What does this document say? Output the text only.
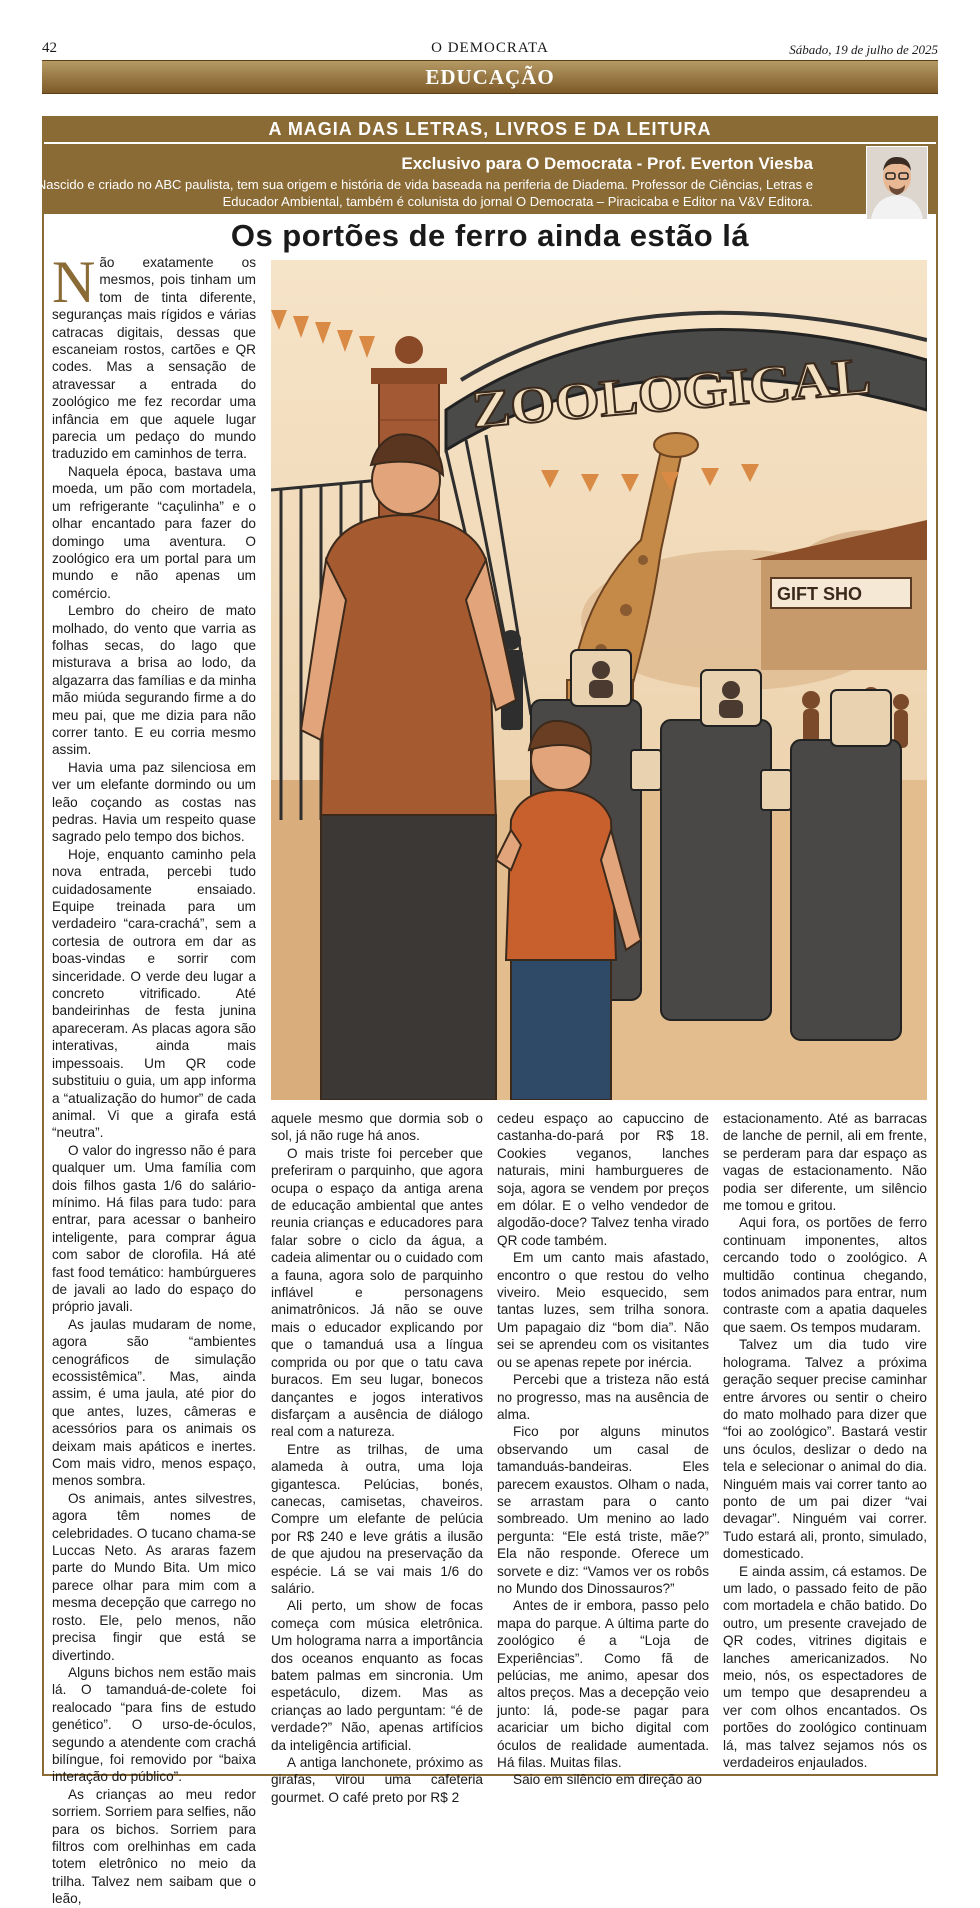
42	O DEMOCRATA	Sábado, 19 de julho de 2025
EDUCAÇÃO
A MAGIA DAS LETRAS, LIVROS E DA LEITURA
Exclusivo para O Democrata - Prof. Everton Viesba
Nascido e criado no ABC paulista, tem sua origem e história de vida baseada na periferia de Diadema. Professor de Ciências, Letras e Educador Ambiental, também é colunista do jornal O Democrata – Piracicaba e Editor na V&V Editora.
Os portões de ferro ainda estão lá
GIFT SHO
ZOOLOGICAL

Não exatamente os mesmos, pois tinham um tom de tinta diferente, seguranças mais rígidos e várias catracas digitais, dessas que escaneiam rostos, cartões e QR codes. Mas a sensação de atravessar a entrada do zoológico me fez recordar uma infância em que aquele lugar parecia um pedaço do mundo traduzido em caminhos de terra.

Naquela época, bastava uma moeda, um pão com mortadela, um refrigerante “caçulinha” e o olhar encantado para fazer do domingo uma aventura. O zoológico era um portal para um mundo e não apenas um comércio.

Lembro do cheiro de mato molhado, do vento que varria as folhas secas, do lago que misturava a brisa ao lodo, da algazarra das famílias e da minha mão miúda segurando firme a do meu pai, que me dizia para não correr tanto. E eu corria mesmo assim.

Havia uma paz silenciosa em ver um elefante dormindo ou um leão coçando as costas nas pedras. Havia um respeito quase sagrado pelo tempo dos bichos.

Hoje, enquanto caminho pela nova entrada, percebi tudo cuidadosamente ensaiado. Equipe treinada para um verdadeiro “cara-crachá”, sem a cortesia de outrora em dar as boas-vindas e sorrir com sinceridade. O verde deu lugar a concreto vitrificado. Até bandeirinhas de festa junina apareceram. As placas agora são interativas, ainda mais impessoais. Um QR code substituiu o guia, um app informa a “atualização do humor” de cada animal. Vi que a girafa está “neutra”.

O valor do ingresso não é para qualquer um. Uma família com dois filhos gasta 1/6 do salário-mínimo. Há filas para tudo: para entrar, para acessar o banheiro inteligente, para comprar água com sabor de clorofila. Há até fast food temático: hambúrgueres de javali ao lado do espaço do próprio javali.

As jaulas mudaram de nome, agora são “ambientes cenográficos de simulação ecossistêmica”. Mas, ainda assim, é uma jaula, até pior do que antes, luzes, câmeras e acessórios para os animais os deixam mais apáticos e inertes. Com mais vidro, menos espaço, menos sombra.

Os animais, antes silvestres, agora têm nomes de celebridades. O tucano chama-se Luccas Neto. As araras fazem parte do Mundo Bita. Um mico parece olhar para mim com a mesma decepção que carrego no rosto. Ele, pelo menos, não precisa fingir que está se divertindo.

Alguns bichos nem estão mais lá. O tamanduá-de-colete foi realocado “para fins de estudo genético”. O urso-de-óculos, segundo a atendente com crachá bilíngue, foi removido por “baixa interação do público”.

As crianças ao meu redor sorriem. Sorriem para selfies, não para os bichos. Sorriem para filtros com orelhinhas em cada totem eletrônico no meio da trilha. Talvez nem saibam que o leão,

aquele mesmo que dormia sob o sol, já não ruge há anos.

O mais triste foi perceber que preferiram o parquinho, que agora ocupa o espaço da antiga arena de educação ambiental que antes reunia crianças e educadores para falar sobre o ciclo da água, a cadeia alimentar ou o cuidado com a fauna, agora solo de parquinho inflável e personagens animatrônicos. Já não se ouve mais o educador explicando por que o tamanduá usa a língua comprida ou por que o tatu cava buracos. Em seu lugar, bonecos dançantes e jogos interativos disfarçam a ausência de diálogo real com a natureza.

Entre as trilhas, de uma alameda à outra, uma loja gigantesca. Pelúcias, bonés, canecas, camisetas, chaveiros. Compre um elefante de pelúcia por R$ 240 e leve grátis a ilusão de que ajudou na preservação da espécie. Lá se vai mais 1/6 do salário.

Ali perto, um show de focas começa com música eletrônica. Um holograma narra a importância dos oceanos enquanto as focas batem palmas em sincronia. Um espetáculo, dizem. Mas as crianças ao lado perguntam: “é de verdade?” Não, apenas artifícios da inteligência artificial.

A antiga lanchonete, próximo as girafas, virou uma cafeteria gourmet. O café preto por R$ 2

cedeu espaço ao capuccino de castanha-do-pará por R$ 18. Cookies veganos, lanches naturais, mini hamburgueres de soja, agora se vendem por preços em dólar. E o velho vendedor de algodão-doce? Talvez tenha virado QR code também.

Em um canto mais afastado, encontro o que restou do velho viveiro. Meio esquecido, sem tantas luzes, sem trilha sonora. Um papagaio diz “bom dia”. Não sei se aprendeu com os visitantes ou se apenas repete por inércia.

Percebi que a tristeza não está no progresso, mas na ausência de alma.

Fico por alguns minutos observando um casal de tamanduás-bandeiras. Eles parecem exaustos. Olham o nada, se arrastam para o canto sombreado. Um menino ao lado pergunta: “Ele está triste, mãe?” Ela não responde. Oferece um sorvete e diz: “Vamos ver os robôs no Mundo dos Dinossauros?”

Antes de ir embora, passo pelo mapa do parque. A última parte do zoológico é a “Loja de Experiências”. Como fã de pelúcias, me animo, apesar dos altos preços. Mas a decepção veio junto: lá, pode-se pagar para acariciar um bicho digital com óculos de realidade aumentada. Há filas. Muitas filas.

Saio em silêncio em direção ao

estacionamento. Até as barracas de lanche de pernil, ali em frente, se perderam para dar espaço as vagas de estacionamento. Não podia ser diferente, um silêncio me tomou e gritou.

Aqui fora, os portões de ferro continuam imponentes, altos cercando todo o zoológico. A multidão continua chegando, todos animados para entrar, num contraste com a apatia daqueles que saem. Os tempos mudaram.

Talvez um dia tudo vire holograma. Talvez a próxima geração sequer precise caminhar entre árvores ou sentir o cheiro do mato molhado para dizer que “foi ao zoológico”. Bastará vestir uns óculos, deslizar o dedo na tela e selecionar o animal do dia. Ninguém mais vai correr tanto ao ponto de um pai dizer “vai devagar”. Ninguém vai correr. Tudo estará ali, pronto, simulado, domesticado.

E ainda assim, cá estamos. De um lado, o passado feito de pão com mortadela e chão batido. Do outro, um presente cravejado de QR codes, vitrines digitais e lanches americanizados. No meio, nós, os espectadores de um tempo que desaprendeu a ver com olhos encantados. Os portões do zoológico continuam lá, mas talvez sejamos nós os verdadeiros enjaulados.
